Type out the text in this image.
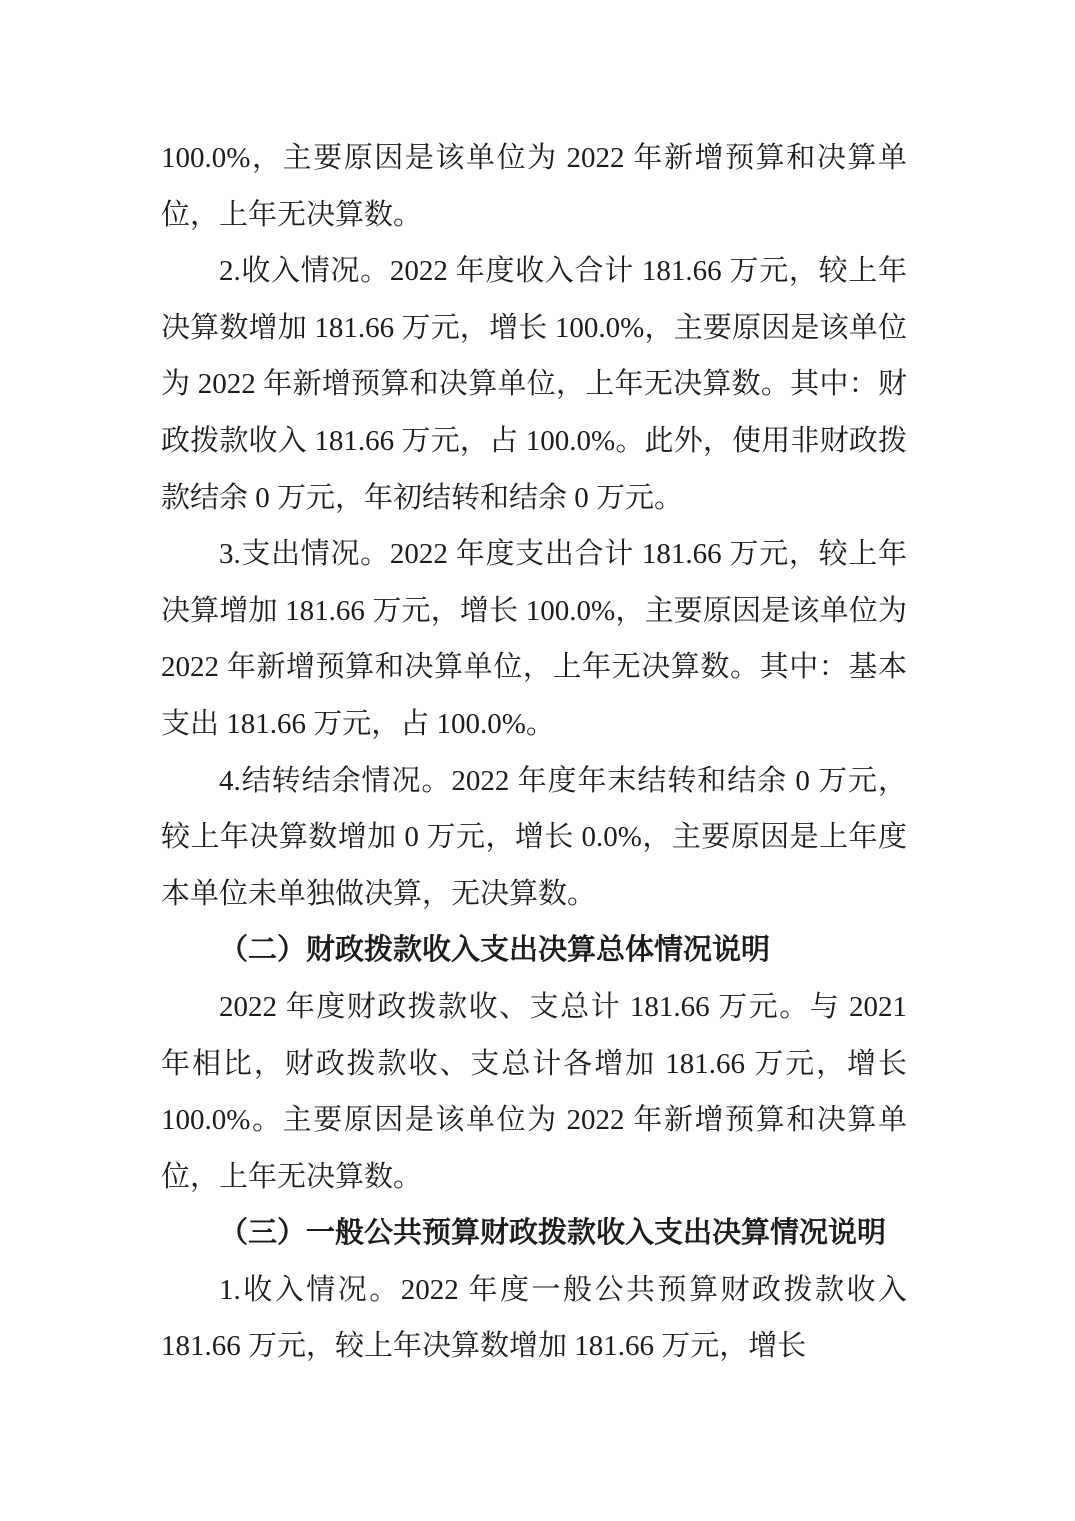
100.0%，主要原因是该单位为 2022 年新增预算和决算单
位，上年无决算数。
2.收入情况。2022 年度收入合计 181.66 万元，较上年
决算数增加 181.66 万元，增长 100.0%，主要原因是该单位
为 2022 年新增预算和决算单位，上年无决算数。其中：财
政拨款收入 181.66 万元，占 100.0%。此外，使用非财政拨
款结余 0 万元，年初结转和结余 0 万元。
3.支出情况。2022 年度支出合计 181.66 万元，较上年
决算增加 181.66 万元，增长 100.0%，主要原因是该单位为
2022 年新增预算和决算单位，上年无决算数。其中：基本
支出 181.66 万元，占 100.0%。
4.结转结余情况。2022 年度年末结转和结余 0 万元，
较上年决算数增加 0 万元，增长 0.0%，主要原因是上年度
本单位未单独做决算，无决算数。
（二）财政拨款收入支出决算总体情况说明
2022 年度财政拨款收、支总计 181.66 万元。与 2021
年相比，财政拨款收、支总计各增加 181.66 万元，增长
100.0%。主要原因是该单位为 2022 年新增预算和决算单
位，上年无决算数。
（三）一般公共预算财政拨款收入支出决算情况说明
1.收入情况。2022 年度一般公共预算财政拨款收入
181.66 万元，较上年决算数增加 181.66 万元，增长
